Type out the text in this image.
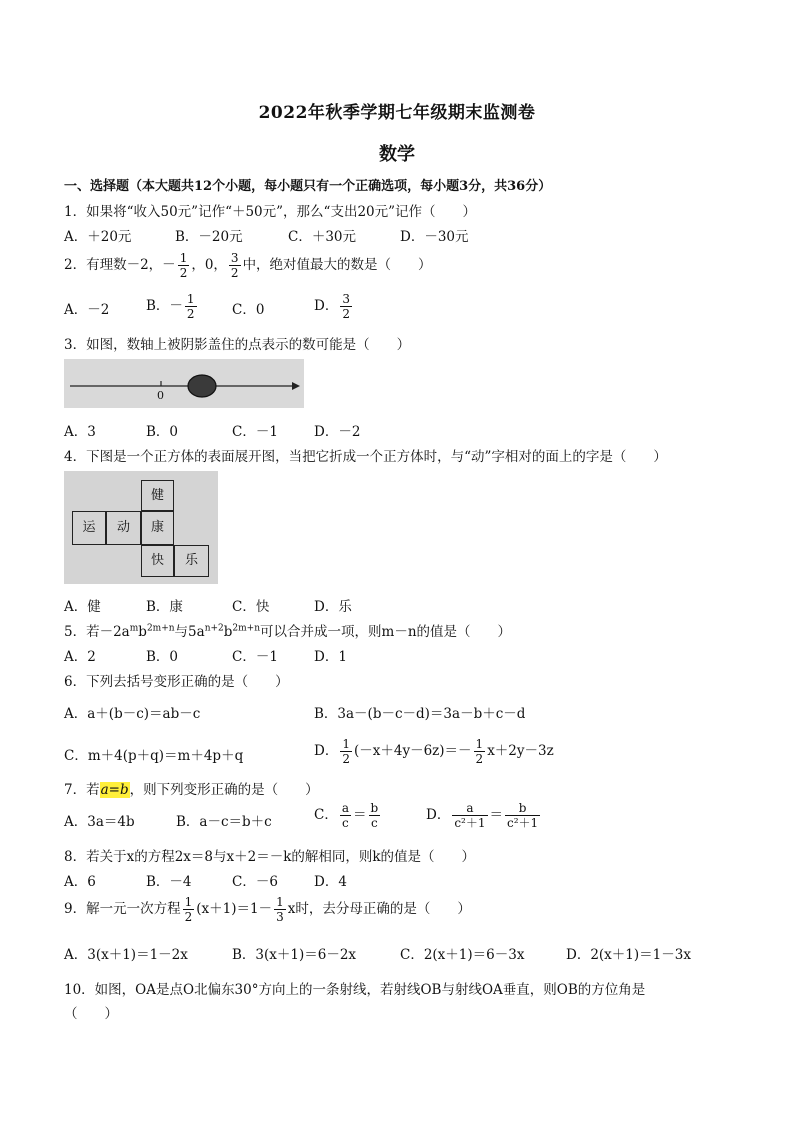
2022年秋季学期七年级期末监测卷
数学
一、选择题（本大题共12个小题，每小题只有一个正确选项，每小题3分，共36分）
1．如果将“收入50元”记作“＋50元”，那么“支出20元”记作（　　）
A．＋20元	B．－20元	C．＋30元	D．－30元
2．有理数－2，－ $\frac{1}{2}$ ，0， $\frac{3}{2}$ 中，绝对值最大的数是（　　）
A．－2	B．－ $\frac{1}{2}$	C．0	D． $\frac{3}{2}$
3．如图，数轴上被阴影盖住的点表示的数可能是（　　）
0
A．3	B．0	C．－1	D．－2
4．下图是一个正方体的表面展开图，当把它折成一个正方体时，与“动”字相对的面上的字是（　　）
健
运	动	康
快	乐
A．健	B．康	C．快	D．乐
5．若$-2a^mb^{2m+n}$与$5a^{n+2}b^{2m+n}$可以合并成一项，则m－n的值是（　　）
A．2	B．0	C．－1	D．1
6．下列去括号变形正确的是（　　）
A．a＋(b－c)＝ab－c	B．3a－(b－c－d)＝3a－b＋c－d
C．m＋4(p＋q)＝m＋4p＋q	D． $\frac{1}{2} (-x+4y-6z)=- \frac{1}{2} x+2y-3z$
7．若a=b，则下列变形正确的是（　　）
A．3a＝4b	B．a－c＝b＋c	C． $\frac{a}{c} = \frac{b}{c}$	D． $\frac{a}{\text{c²＋1}} = \frac{b}{\text{c²＋1}}$
8．若关于x的方程2x＝8与x＋2＝－k的解相同，则k的值是（　　）
A．6	B．－4	C．－6	D．4
9．解一元一次方程 $\frac{1}{2} (x+1)=1- \frac{1}{3}$ x时，去分母正确的是（　　）
A．3(x＋1)＝1－2x	B．3(x＋1)＝6－2x	C．2(x＋1)＝6－3x	D．2(x＋1)＝1－3x
10．如图，OA是点O北偏东30°方向上的一条射线，若射线OB与射线OA垂直，则OB的方位角是
（　　）
